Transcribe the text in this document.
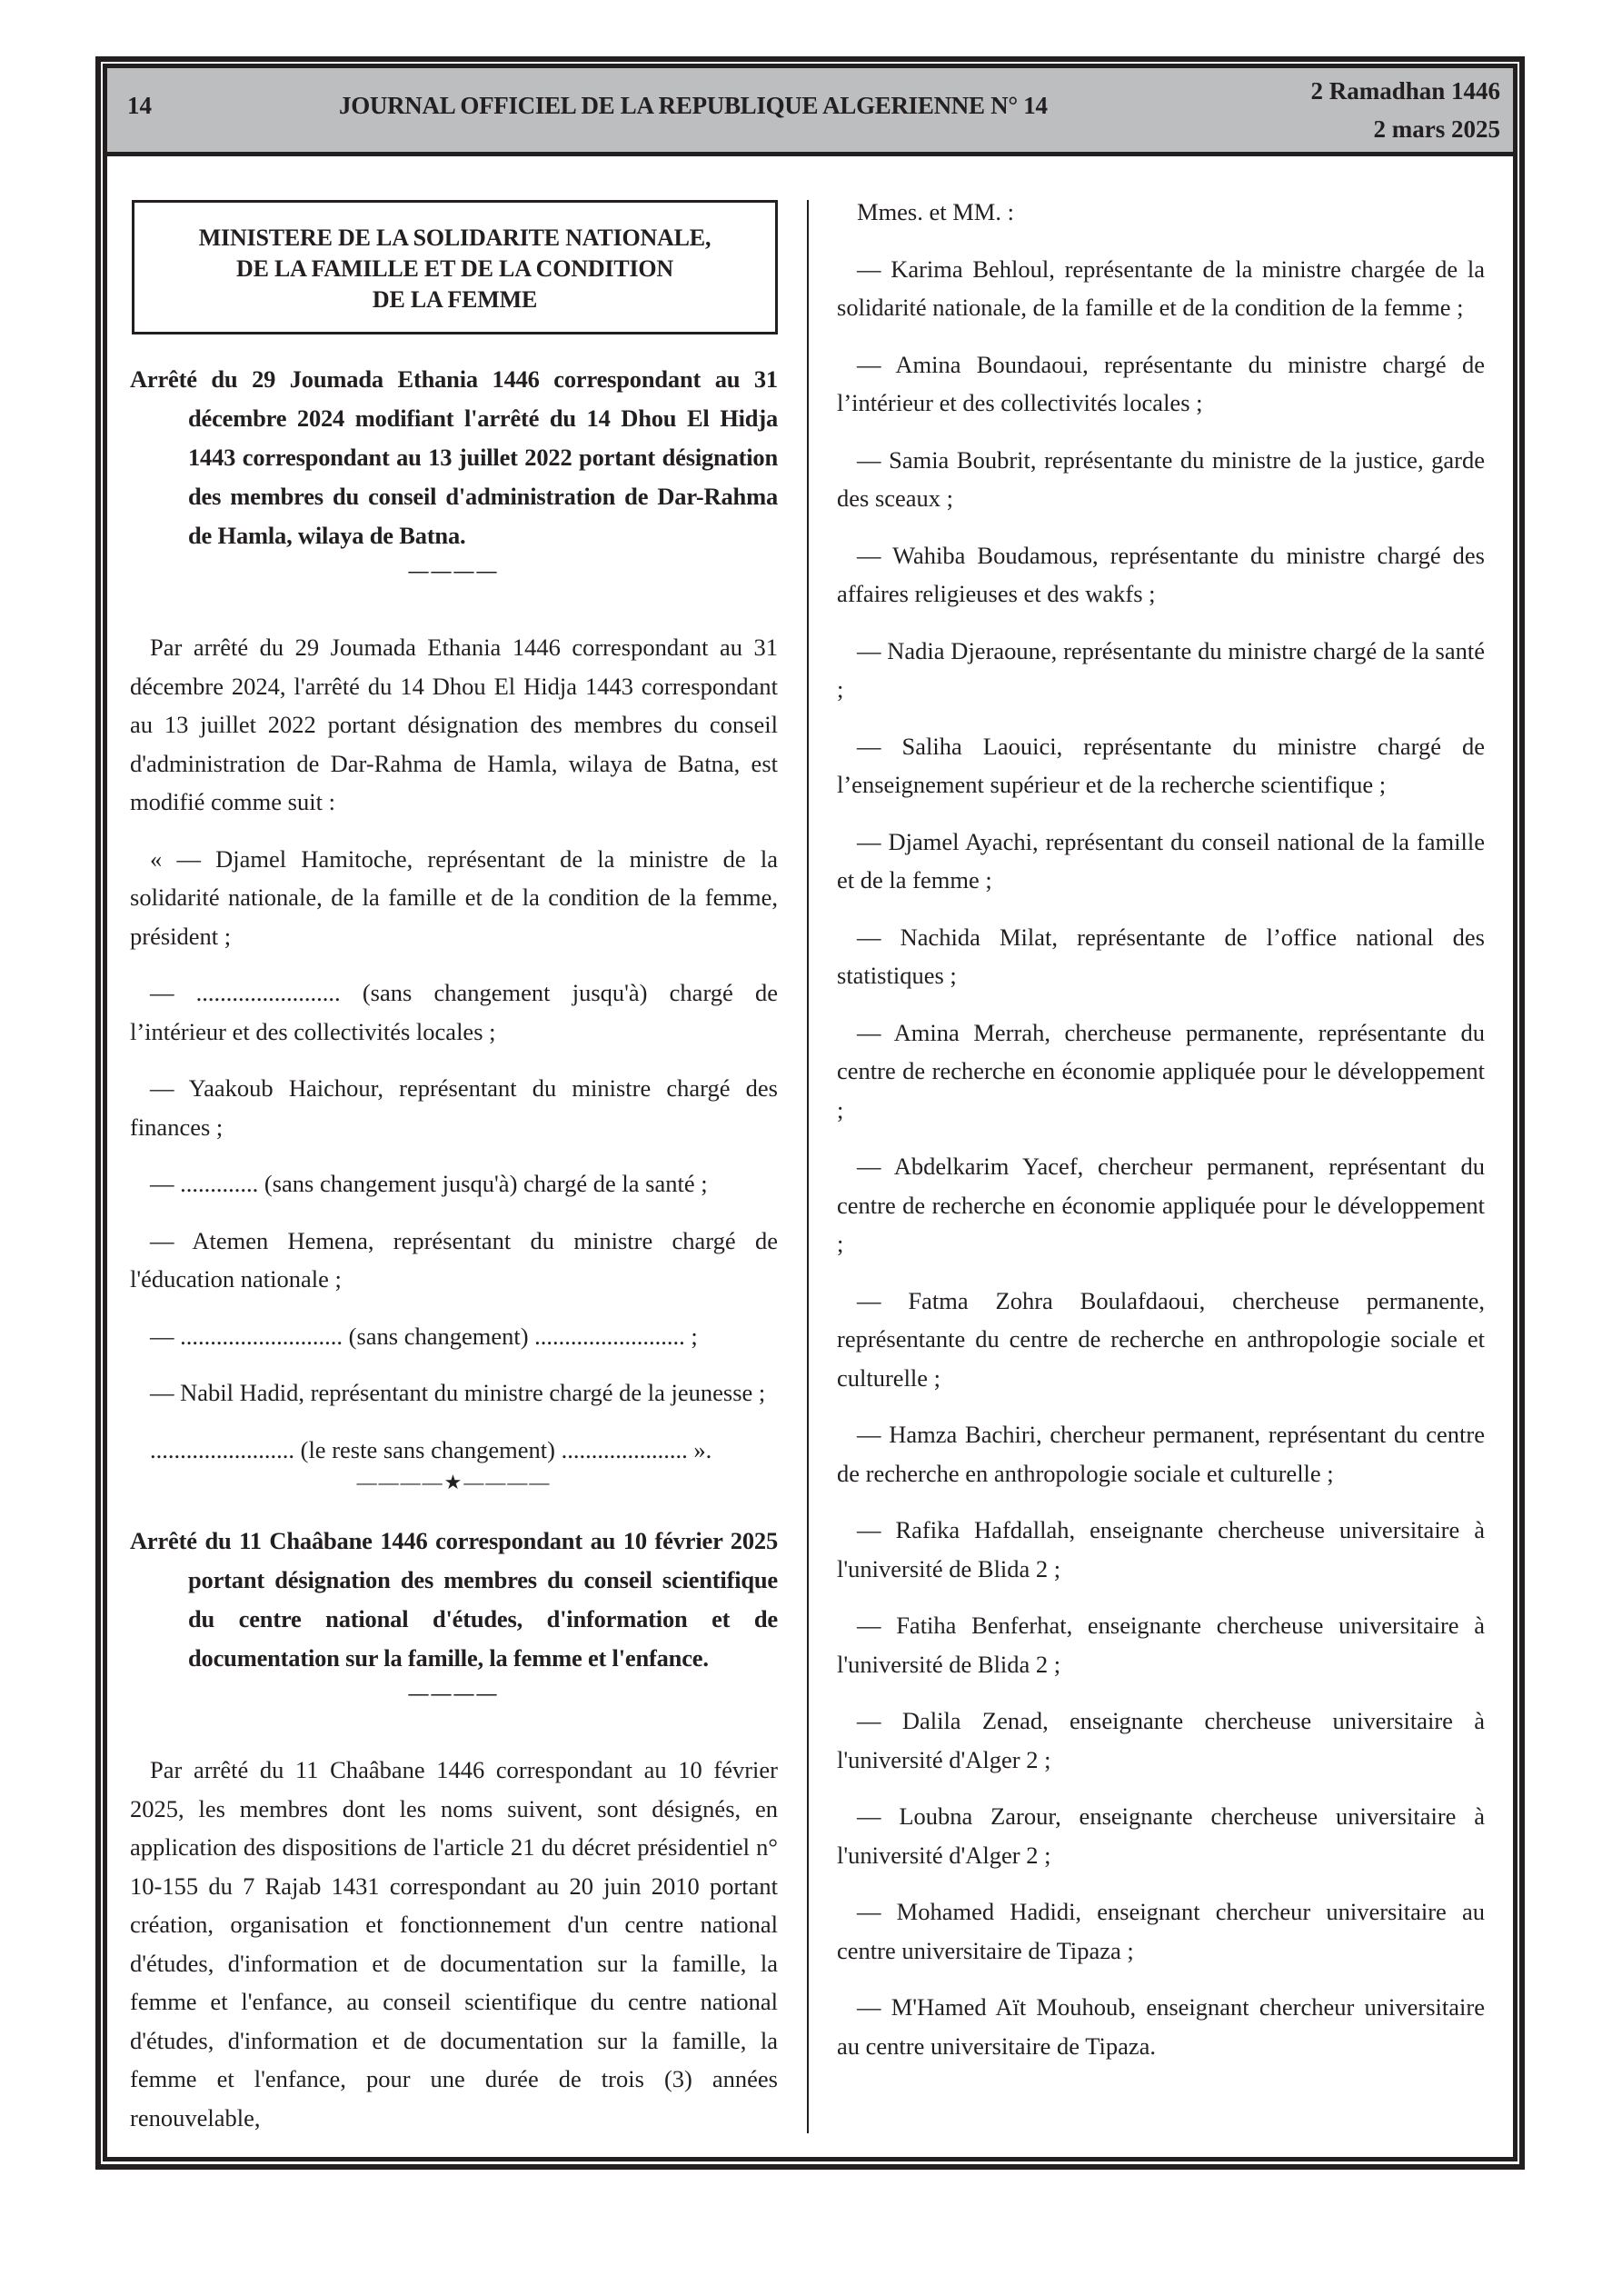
14	JOURNAL OFFICIEL DE LA REPUBLIQUE ALGERIENNE N° 14
2 Ramadhan 1446
2 mars 2025
MINISTERE DE LA SOLIDARITE NATIONALE,
DE LA FAMILLE ET DE LA CONDITION
DE LA FEMME

Arrêté du 29 Joumada Ethania 1446 correspondant au 31 décembre 2024 modifiant l'arrêté du 14 Dhou El Hidja 1443 correspondant au 13 juillet 2022 portant désignation des membres du conseil d'administration de Dar-Rahma de Hamla, wilaya de Batna.

————

Par arrêté du 29 Joumada Ethania 1446 correspondant au 31 décembre 2024, l'arrêté du 14 Dhou El Hidja 1443 correspondant au 13 juillet 2022 portant désignation des membres du conseil d'administration de Dar-Rahma de Hamla, wilaya de Batna, est modifié comme suit :

« — Djamel Hamitoche, représentant de la ministre de la solidarité nationale, de la famille et de la condition de la femme, président ;

— ........................ (sans changement jusqu'à) chargé de l’intérieur et des collectivités locales ;

— Yaakoub Haichour, représentant du ministre chargé des finances ;

— ............. (sans changement jusqu'à) chargé de la santé ;

— Atemen Hemena, représentant du ministre chargé de l'éducation nationale ;

— ........................... (sans changement) ......................... ;

— Nabil Hadid, représentant du ministre chargé de la jeunesse ;

........................ (le reste sans changement) ..................... ».

————★————

Arrêté du 11 Chaâbane 1446 correspondant au 10 février 2025 portant désignation des membres du conseil scientifique du centre national d'études, d'information et de documentation sur la famille, la femme et l'enfance.

————

Par arrêté du 11 Chaâbane 1446 correspondant au 10 février 2025, les membres dont les noms suivent, sont désignés, en application des dispositions de l'article 21 du décret présidentiel n° 10-155 du 7 Rajab 1431 correspondant au 20 juin 2010 portant création, organisation et fonctionnement d'un centre national d'études, d'information et de documentation sur la famille, la femme et l'enfance, au conseil scientifique du centre national d'études, d'information et de documentation sur la famille, la femme et l'enfance, pour une durée de trois (3) années renouvelable,

Mmes. et MM. :

— Karima Behloul, représentante de la ministre chargée de la solidarité nationale, de la famille et de la condition de la femme ;

— Amina Boundaoui, représentante du ministre chargé de l’intérieur et des collectivités locales ;

— Samia Boubrit, représentante du ministre de la justice, garde des sceaux ;

— Wahiba Boudamous, représentante du ministre chargé des affaires religieuses et des wakfs ;

— Nadia Djeraoune, représentante du ministre chargé de la santé ;

— Saliha Laouici, représentante du ministre chargé de l’enseignement supérieur et de la recherche scientifique ;

— Djamel Ayachi, représentant du conseil national de la famille et de la femme ;

— Nachida Milat, représentante de l’office national des statistiques ;

— Amina Merrah, chercheuse permanente, représentante du centre de recherche en économie appliquée pour le développement ;

— Abdelkarim Yacef, chercheur permanent, représentant du centre de recherche en économie appliquée pour le développement ;

— Fatma Zohra Boulafdaoui, chercheuse permanente, représentante du centre de recherche en anthropologie sociale et culturelle ;

— Hamza Bachiri, chercheur permanent, représentant du centre de recherche en anthropologie sociale et culturelle ;

— Rafika Hafdallah, enseignante chercheuse universitaire à l'université de Blida 2 ;

— Fatiha Benferhat, enseignante chercheuse universitaire à l'université de Blida 2 ;

— Dalila Zenad, enseignante chercheuse universitaire à l'université d'Alger 2 ;

— Loubna Zarour, enseignante chercheuse universitaire à l'université d'Alger 2 ;

— Mohamed Hadidi, enseignant chercheur universitaire au centre universitaire de Tipaza ;

— M'Hamed Aït Mouhoub, enseignant chercheur universitaire au centre universitaire de Tipaza.
